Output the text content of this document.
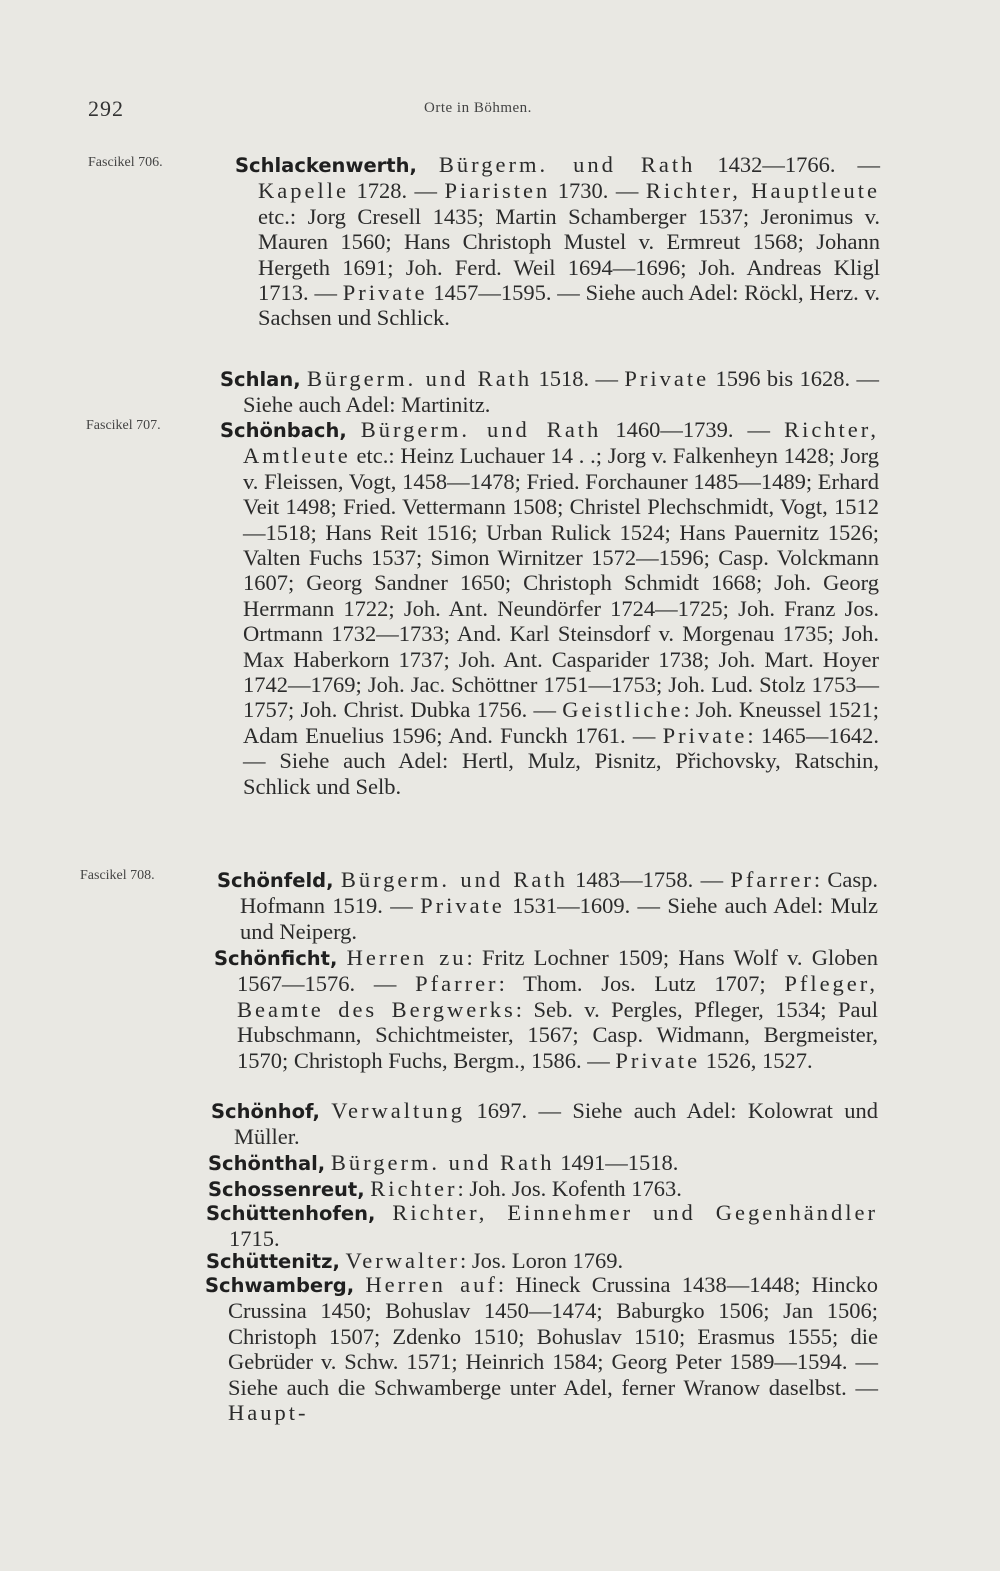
292	Orte in Böhmen.
Fascikel 706.	Schlackenwerth, Bürgerm. und Rath 1432—1766. — Kapelle 1728. — Piaristen 1730. — Richter, Hauptleute etc.: Jorg Cresell 1435; Martin Schamberger 1537; Jeronimus v. Mauren 1560; Hans Christoph Mustel v. Ermreut 1568; Johann Hergeth 1691; Joh. Ferd. Weil 1694—1696; Joh. Andreas Kligl 1713. — Private 1457—1595. — Siehe auch Adel: Röckl, Herz. v. Sachsen und Schlick.
Schlan, Bürgerm. und Rath 1518. — Private 1596 bis 1628. — Siehe auch Adel: Martinitz.
Fascikel 707.	Schönbach, Bürgerm. und Rath 1460—1739. — Richter, Amtleute etc.: Heinz Luchauer 14 . .; Jorg v. Falkenheyn 1428; Jorg v. Fleissen, Vogt, 1458—1478; Fried. Forchauner 1485—1489; Erhard Veit 1498; Fried. Vettermann 1508; Christel Plechschmidt, Vogt, 1512—1518; Hans Reit 1516; Urban Rulick 1524; Hans Pauernitz 1526; Valten Fuchs 1537; Simon Wirnitzer 1572—1596; Casp. Volckmann 1607; Georg Sandner 1650; Christoph Schmidt 1668; Joh. Georg Herrmann 1722; Joh. Ant. Neundörfer 1724—1725; Joh. Franz Jos. Ortmann 1732—1733; And. Karl Steinsdorf v. Morgenau 1735; Joh. Max Haberkorn 1737; Joh. Ant. Casparider 1738; Joh. Mart. Hoyer 1742—1769; Joh. Jac. Schöttner 1751—1753; Joh. Lud. Stolz 1753—1757; Joh. Christ. Dubka 1756. — Geistliche: Joh. Kneussel 1521; Adam Enuelius 1596; And. Funckh 1761. — Private: 1465—1642. — Siehe auch Adel: Hertl, Mulz, Pisnitz, Přichovsky, Ratschin, Schlick und Selb.
Fascikel 708.	Schönfeld, Bürgerm. und Rath 1483—1758. — Pfarrer: Casp. Hofmann 1519. — Private 1531—1609. — Siehe auch Adel: Mulz und Neiperg.
Schönficht, Herren zu: Fritz Lochner 1509; Hans Wolf v. Globen 1567—1576. — Pfarrer: Thom. Jos. Lutz 1707; Pfleger, Beamte des Bergwerks: Seb. v. Pergles, Pfleger, 1534; Paul Hubschmann, Schichtmeister, 1567; Casp. Widmann, Bergmeister, 1570; Christoph Fuchs, Bergm., 1586. — Private 1526, 1527.
Schönhof, Verwaltung 1697. — Siehe auch Adel: Kolowrat und Müller.
Schönthal, Bürgerm. und Rath 1491—1518.
Schossenreut, Richter: Joh. Jos. Kofenth 1763.
Schüttenhofen, Richter, Einnehmer und Gegenhändler 1715.
Schüttenitz, Verwalter: Jos. Loron 1769.
Schwamberg, Herren auf: Hineck Crussina 1438—1448; Hincko Crussina 1450; Bohuslav 1450—1474; Baburgko 1506; Jan 1506; Christoph 1507; Zdenko 1510; Bohuslav 1510; Erasmus 1555; die Gebrüder v. Schw. 1571; Heinrich 1584; Georg Peter 1589—1594. — Siehe auch die Schwamberge unter Adel, ferner Wranow daselbst. — Haupt-
